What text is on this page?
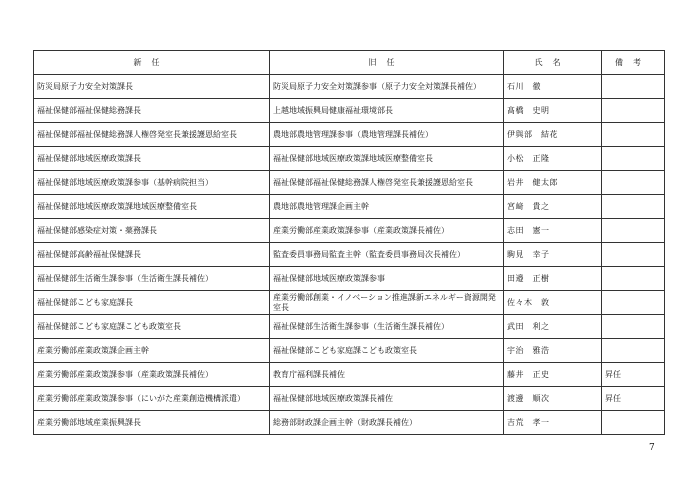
新任	旧任	氏名	備考
防災局原子力安全対策課長	防災局原子力安全対策課参事（原子力安全対策課長補佐）	石川　徹	
福祉保健部福祉保健総務課長	上越地域振興局健康福祉環境部長	髙橋　史明	
福祉保健部福祉保健総務課人権啓発室長兼援護恩給室長	農地部農地管理課参事（農地管理課長補佐）	伊與部　結花	
福祉保健部地域医療政策課長	福祉保健部地域医療政策課地域医療整備室長	小松　正隆	
福祉保健部地域医療政策課参事（基幹病院担当）	福祉保健部福祉保健総務課人権啓発室長兼援護恩給室長	岩井　健太郎	
福祉保健部地域医療政策課地域医療整備室長	農地部農地管理課企画主幹	宮﨑　貴之	
福祉保健部感染症対策・薬務課長	産業労働部産業政策課参事（産業政策課長補佐）	志田　憲一	
福祉保健部高齢福祉保健課長	監査委員事務局監査主幹（監査委員事務局次長補佐）	駒見　幸子	
福祉保健部生活衛生課参事（生活衛生課長補佐）	福祉保健部地域医療政策課参事	田邉　正樹	
福祉保健部こども家庭課長	産業労働部創業・イノベーション推進課新エネルギー資源開発室長	佐々木　敦	
福祉保健部こども家庭課こども政策室長	福祉保健部生活衛生課参事（生活衛生課長補佐）	武田　利之	
産業労働部産業政策課企画主幹	福祉保健部こども家庭課こども政策室長	宇治　雅浩	
産業労働部産業政策課参事（産業政策課長補佐）	教育庁福利課長補佐	藤井　正史	昇任
産業労働部産業政策課参事（にいがた産業創造機構派遣）	福祉保健部地域医療政策課長補佐	渡邊　順次	昇任
産業労働部地域産業振興課長	総務部財政課企画主幹（財政課長補佐）	吉荒　孝一	
7
